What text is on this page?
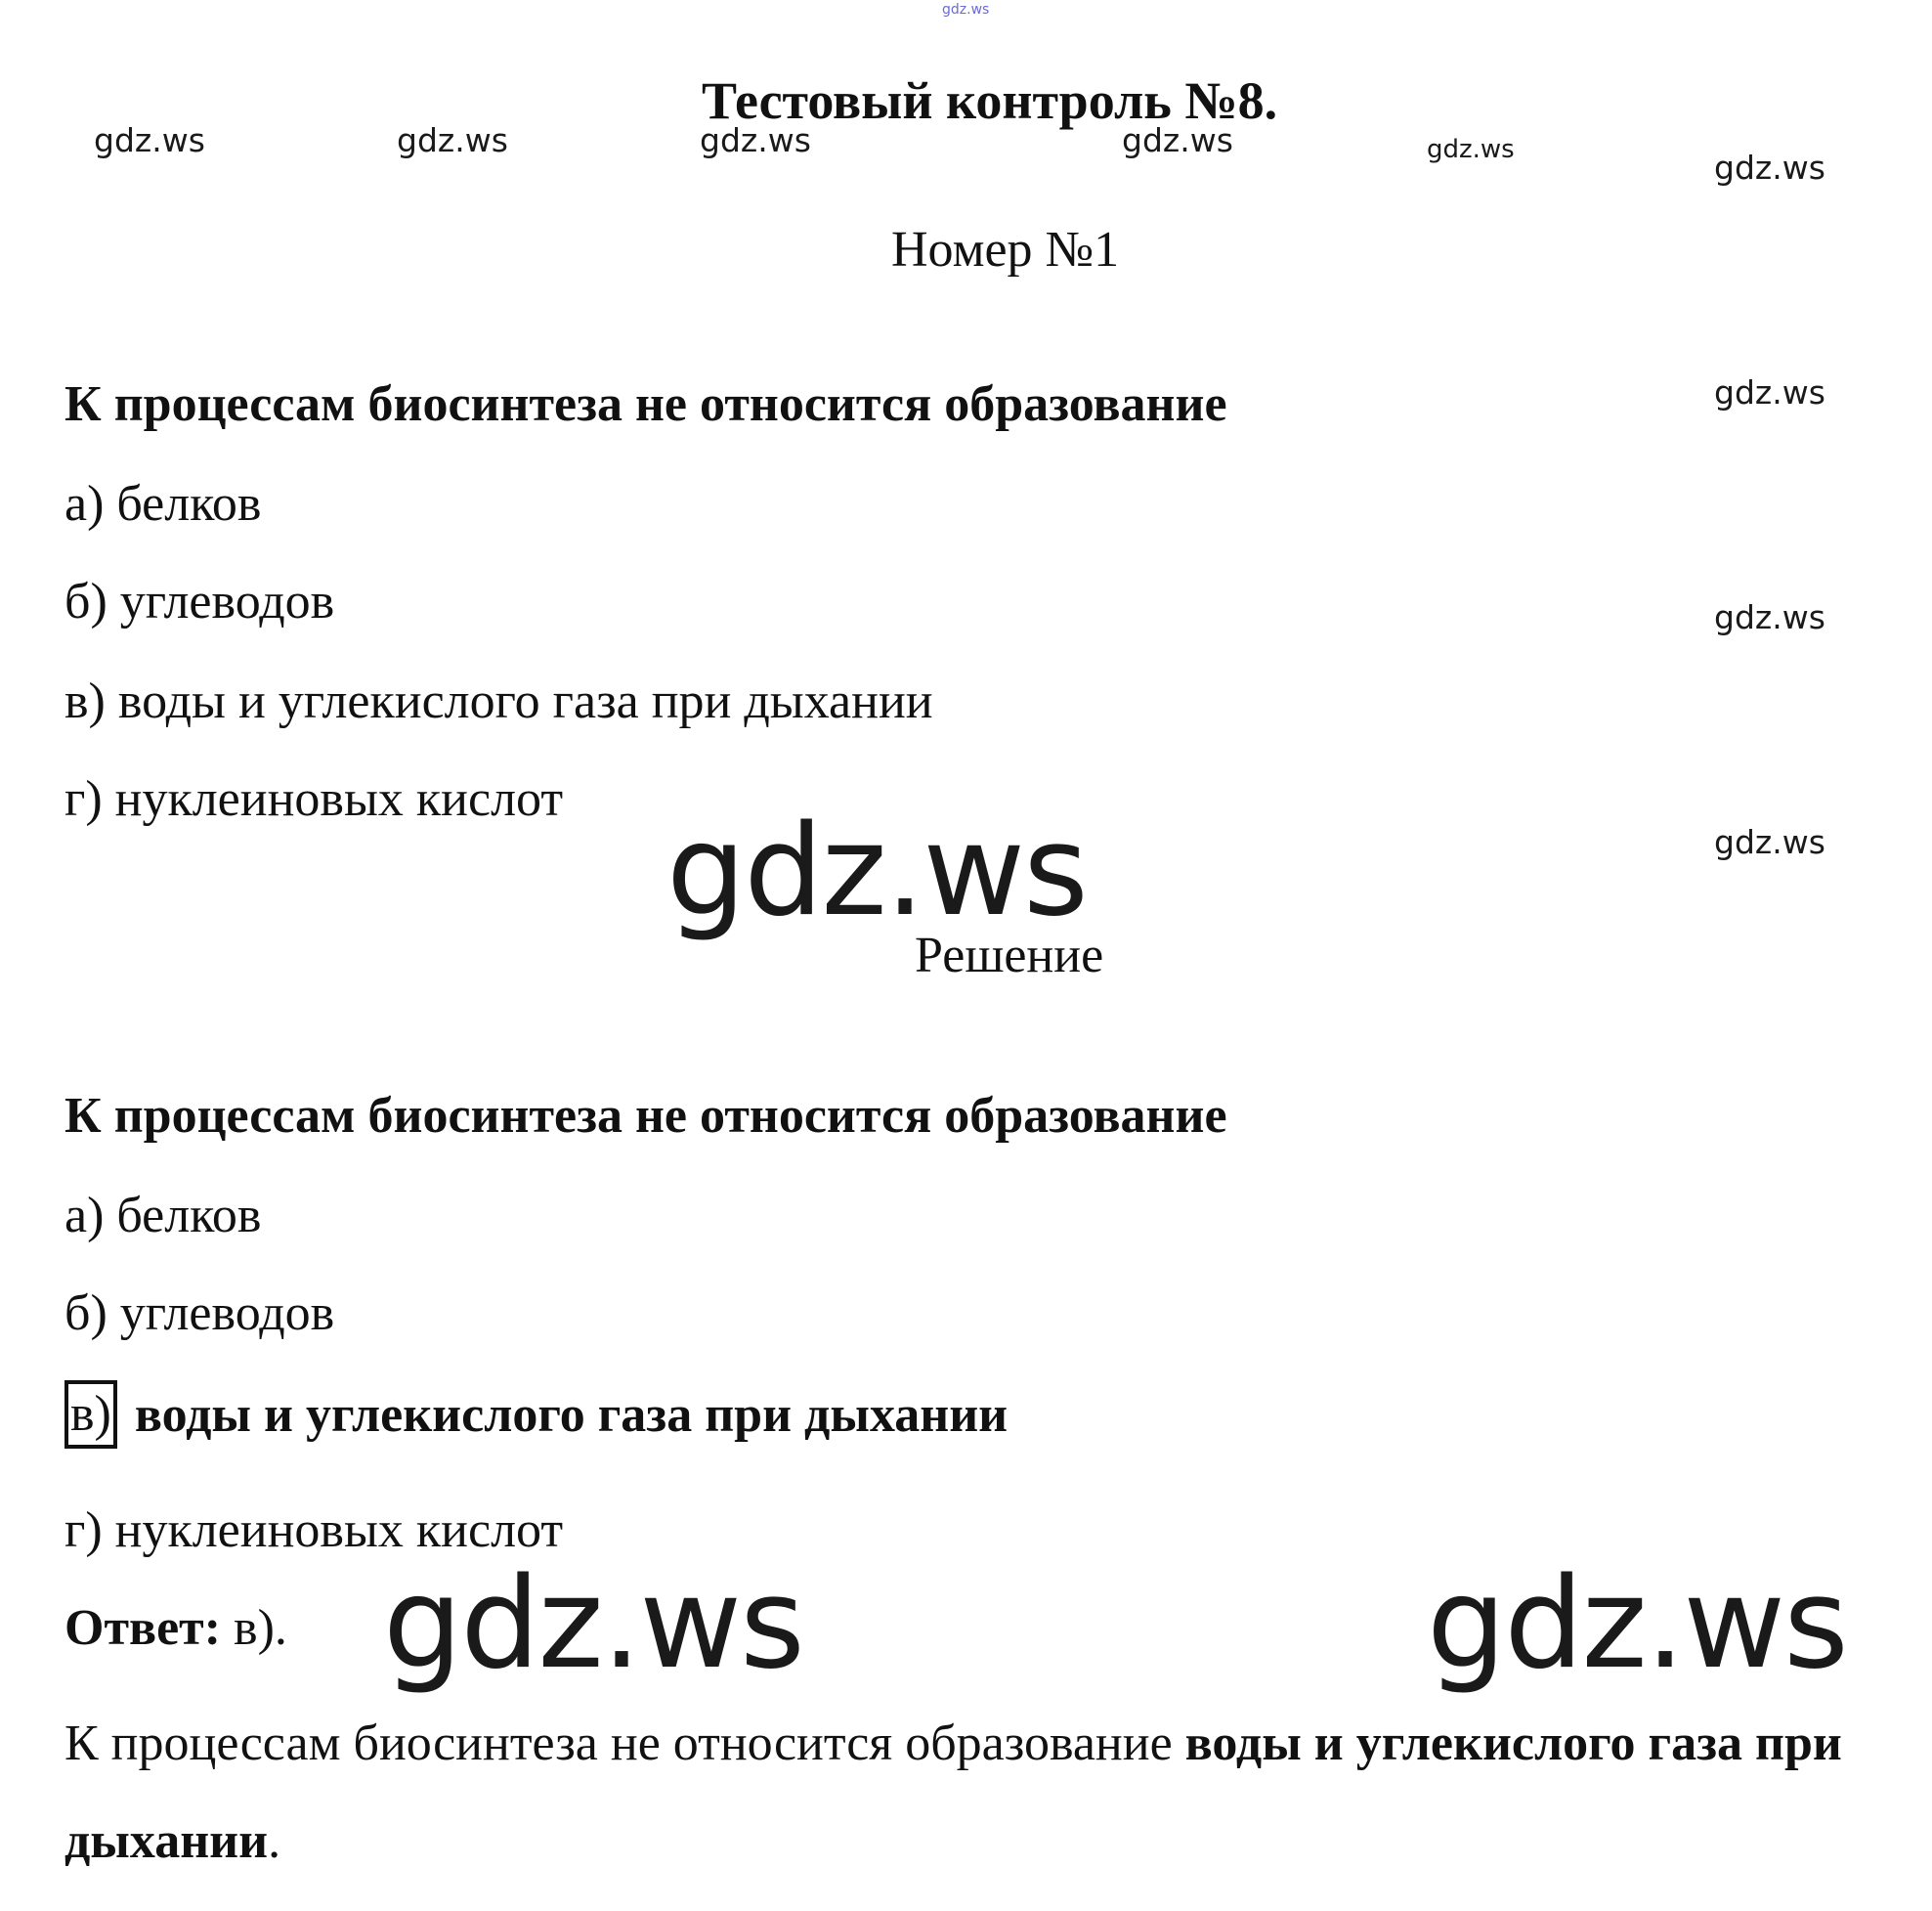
gdz.ws
Тестовый контроль №8.
gdz.ws	gdz.ws	gdz.ws	gdz.ws	gdz.ws	gdz.ws
gdz.ws
gdz.ws
gdz.ws
Номер №1
К процессам биосинтеза не относится образование
а) белков
б) углеводов
в) воды и углекислого газа при дыхании
г) нуклеиновых кислот gdz.ws
Решение
К процессам биосинтеза не относится образование
а) белков
б) углеводов
в) воды и углекислого газа при дыхании
г) нуклеиновых кислот
Ответ: в). gdz.ws	gdz.ws
К процессам биосинтеза не относится образование воды и углекислого газа при дыхании.
